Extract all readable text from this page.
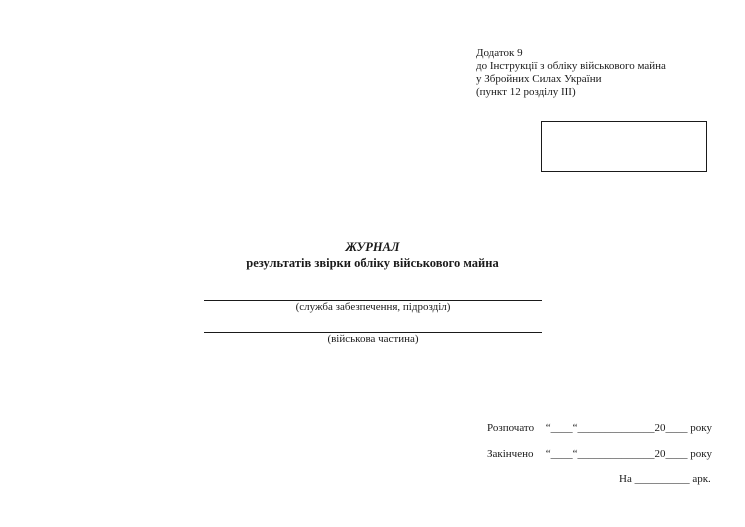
Додаток 9
до Інструкції з обліку військового майна
у Збройних Силах України
(пункт 12 розділу ІІІ)
ЖУРНАЛ
результатів звірки обліку військового майна
(служба забезпечення, підрозділ)
(військова частина)
Розпочато “____“______________20____ року
Закінчено “____“______________20____ року
На __________ арк.
